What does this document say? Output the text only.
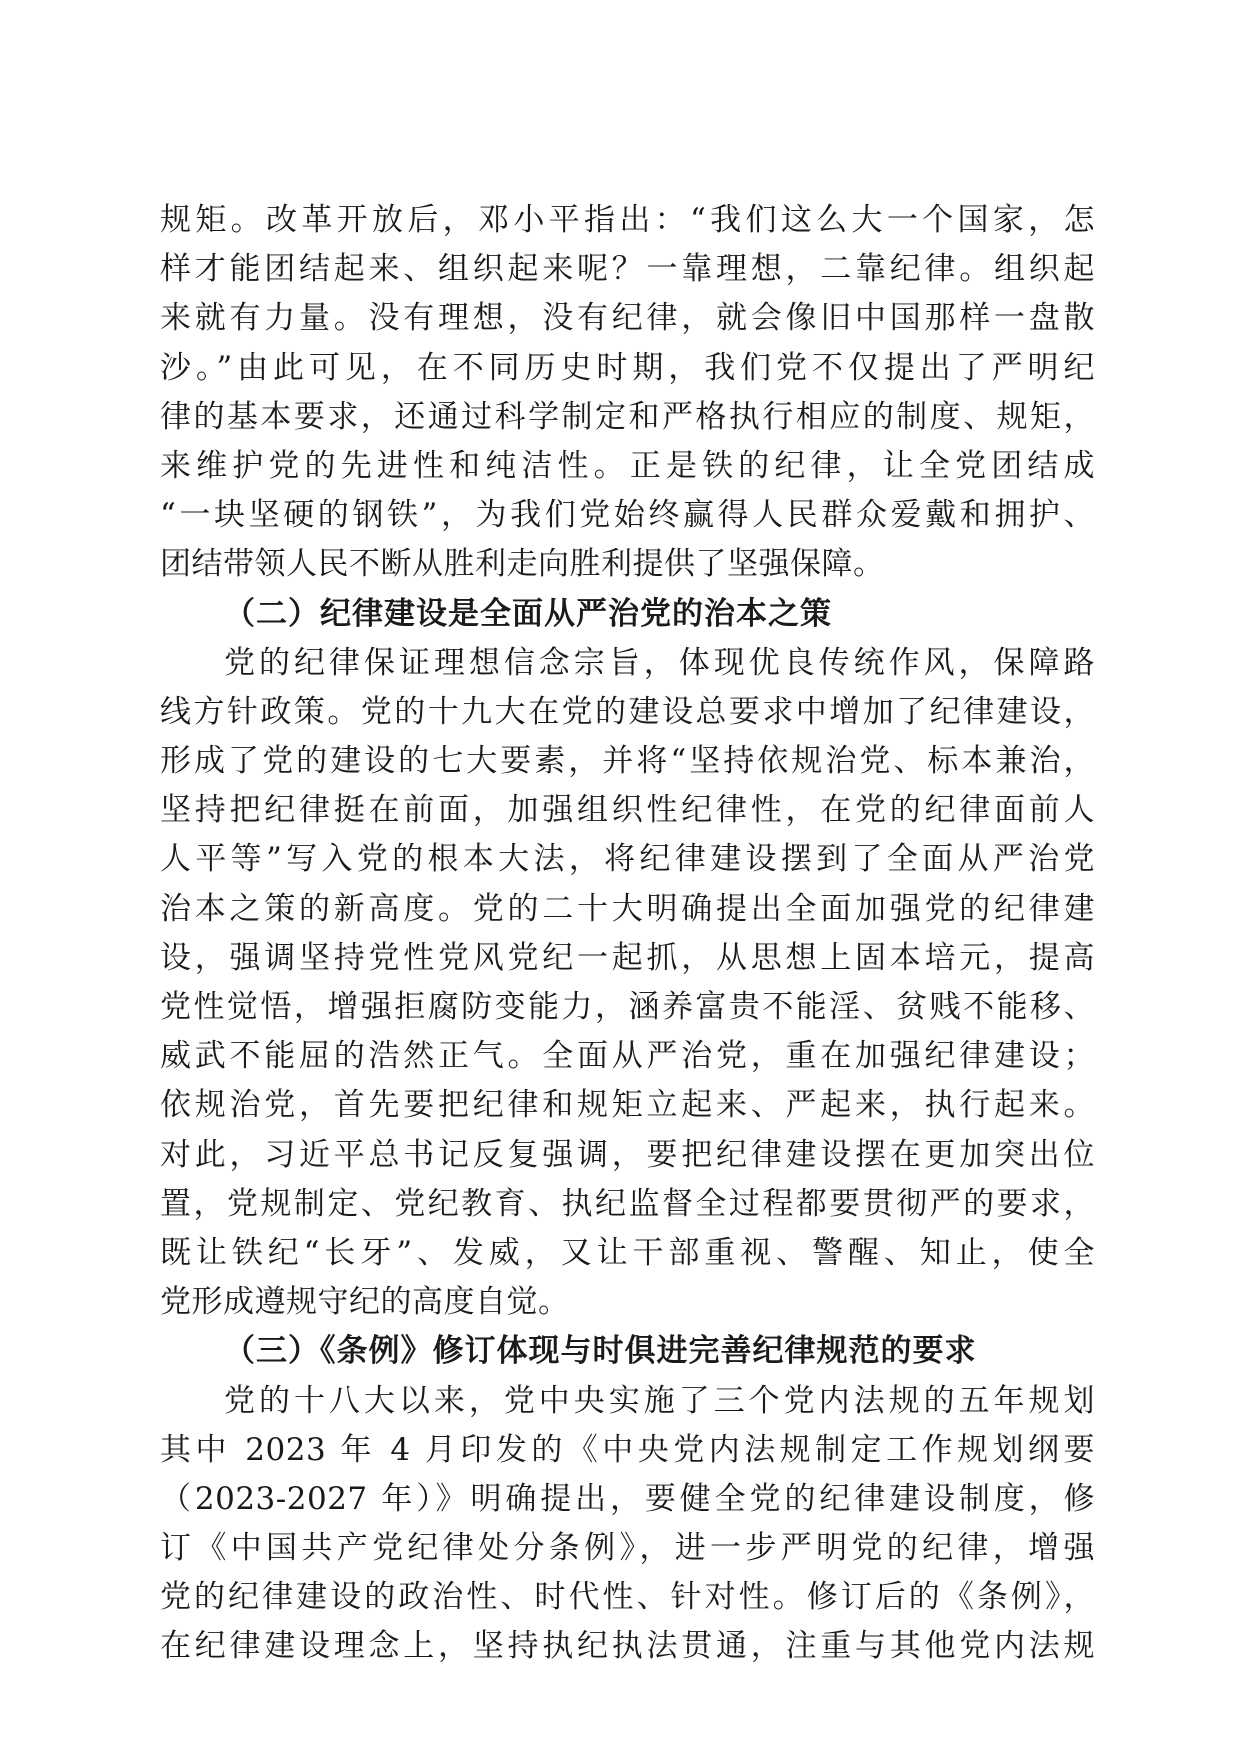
规矩。改革开放后，邓小平指出：“我们这么大一个国家，怎
样才能团结起来、组织起来呢？一靠理想，二靠纪律。组织起
来就有力量。没有理想，没有纪律，就会像旧中国那样一盘散
沙。”由此可见，在不同历史时期，我们党不仅提出了严明纪
律的基本要求，还通过科学制定和严格执行相应的制度、规矩，
来维护党的先进性和纯洁性。正是铁的纪律，让全党团结成
“一块坚硬的钢铁”，为我们党始终赢得人民群众爱戴和拥护、
团结带领人民不断从胜利走向胜利提供了坚强保障。
（二）纪律建设是全面从严治党的治本之策
党的纪律保证理想信念宗旨，体现优良传统作风，保障路
线方针政策。党的十九大在党的建设总要求中增加了纪律建设，
形成了党的建设的七大要素，并将“坚持依规治党、标本兼治，
坚持把纪律挺在前面，加强组织性纪律性，在党的纪律面前人
人平等”写入党的根本大法，将纪律建设摆到了全面从严治党
治本之策的新高度。党的二十大明确提出全面加强党的纪律建
设，强调坚持党性党风党纪一起抓，从思想上固本培元，提高
党性觉悟，增强拒腐防变能力，涵养富贵不能淫、贫贱不能移、
威武不能屈的浩然正气。全面从严治党，重在加强纪律建设；
依规治党，首先要把纪律和规矩立起来、严起来，执行起来。
对此，习近平总书记反复强调，要把纪律建设摆在更加突出位
置，党规制定、党纪教育、执纪监督全过程都要贯彻严的要求，
既让铁纪“长牙”、发威，又让干部重视、警醒、知止，使全
党形成遵规守纪的高度自觉。
（三）《条例》修订体现与时俱进完善纪律规范的要求
党的十八大以来，党中央实施了三个党内法规的五年规划
其中 2023 年 4 月印发的《中央党内法规制定工作规划纲要
（2023-2027 年）》明确提出，要健全党的纪律建设制度，修
订《中国共产党纪律处分条例》，进一步严明党的纪律，增强
党的纪律建设的政治性、时代性、针对性。修订后的《条例》，
在纪律建设理念上，坚持执纪执法贯通，注重与其他党内法规
